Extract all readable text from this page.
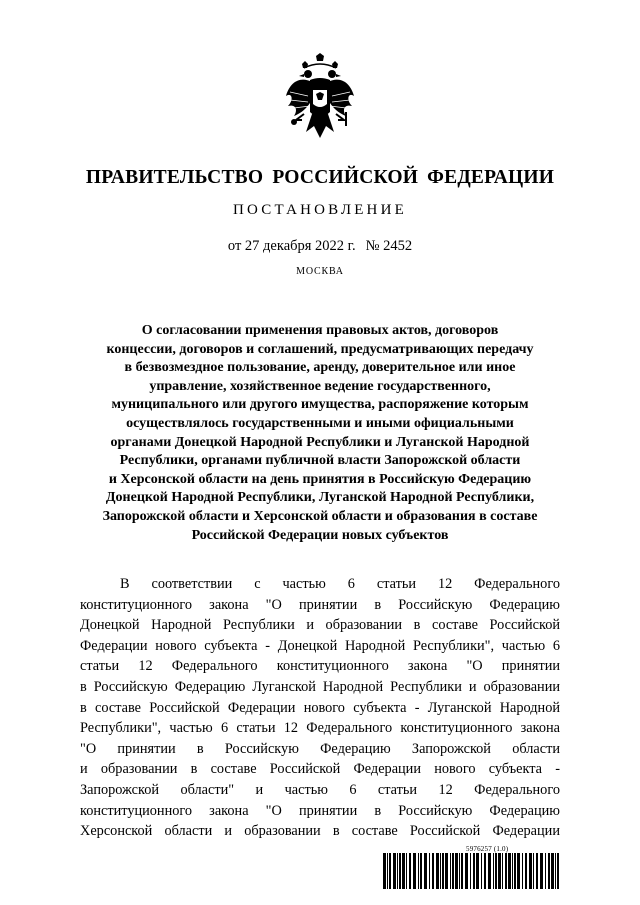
ПРАВИТЕЛЬСТВО РОССИЙСКОЙ ФЕДЕРАЦИИ
ПОСТАНОВЛЕНИЕ
от 27 декабря 2022 г. № 2452
МОСКВА
О согласовании применения правовых актов, договоров
концессии, договоров и соглашений, предусматривающих передачу
в безвозмездное пользование, аренду, доверительное или иное
управление, хозяйственное ведение государственного,
муниципального или другого имущества, распоряжение которым
осуществлялось государственными и иными официальными
органами Донецкой Народной Республики и Луганской Народной
Республики, органами публичной власти Запорожской области
и Херсонской области на день принятия в Российскую Федерацию
Донецкой Народной Республики, Луганской Народной Республики,
Запорожской области и Херсонской области и образования в составе
Российской Федерации новых субъектов
В соответствии с частью 6 статьи 12 Федерального
конституционного закона "О принятии в Российскую Федерацию
Донецкой Народной Республики и образовании в составе Российской
Федерации нового субъекта - Донецкой Народной Республики", частью 6
статьи 12 Федерального конституционного закона "О принятии
в Российскую Федерацию Луганской Народной Республики и образовании
в составе Российской Федерации нового субъекта - Луганской Народной
Республики", частью 6 статьи 12 Федерального конституционного закона
"О принятии в Российскую Федерацию Запорожской области
и образовании в составе Российской Федерации нового субъекта -
Запорожской области" и частью 6 статьи 12 Федерального
конституционного закона "О принятии в Российскую Федерацию
Херсонской области и образовании в составе Российской Федерации
5976257 (1.0)
